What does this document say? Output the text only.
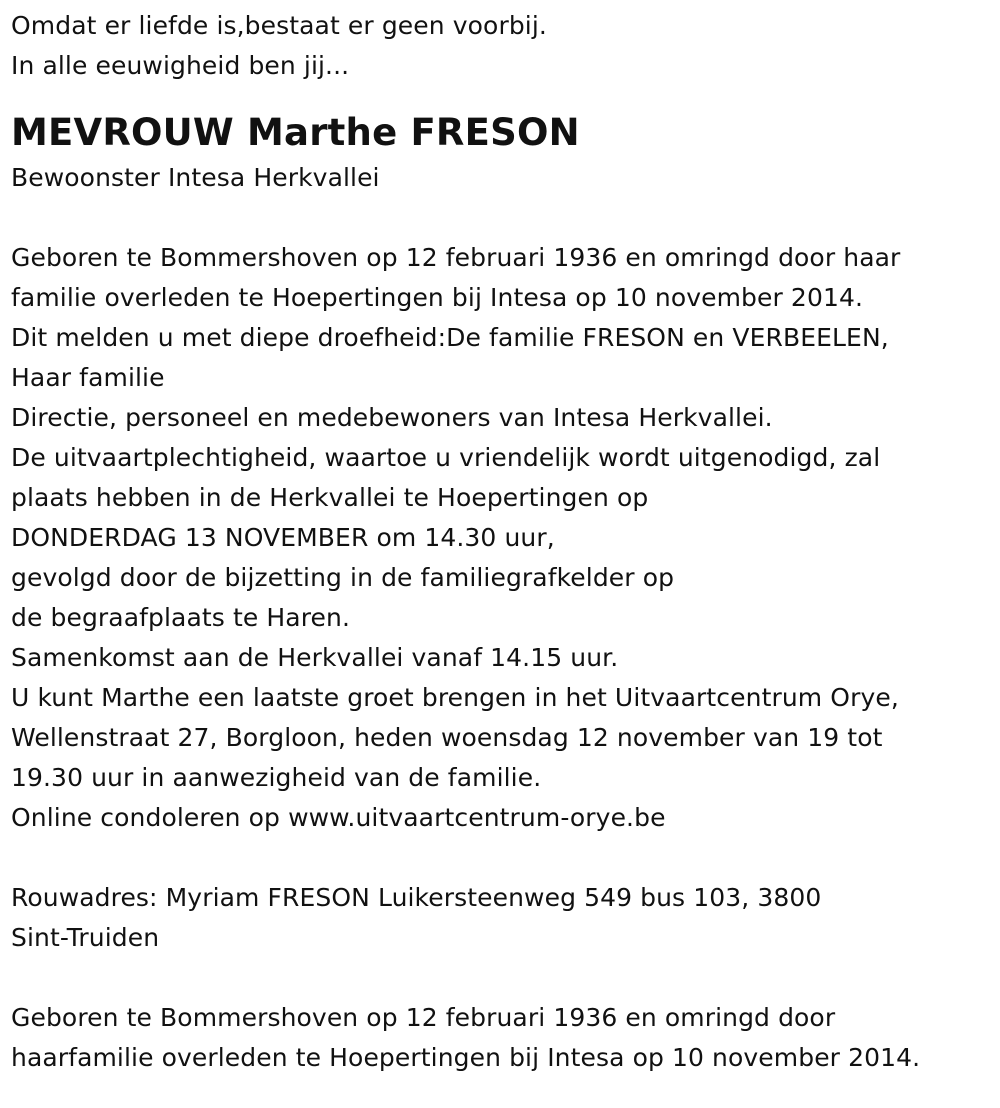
Omdat er liefde is,bestaat er geen voorbij.
In alle eeuwigheid ben jij...
MEVROUW Marthe FRESON
Bewoonster Intesa Herkvallei
Geboren te Bommershoven op 12 februari 1936 en omringd door haar
familie overleden te Hoepertingen bij Intesa op 10 november 2014.
Dit melden u met diepe droefheid:De familie FRESON en VERBEELEN,
Haar familie
Directie, personeel en medebewoners van Intesa Herkvallei.
De uitvaartplechtigheid, waartoe u vriendelijk wordt uitgenodigd, zal
plaats hebben in de Herkvallei te Hoepertingen op
DONDERDAG 13 NOVEMBER om 14.30 uur,
gevolgd door de bijzetting in de familiegrafkelder op
de begraafplaats te Haren.
Samenkomst aan de Herkvallei vanaf 14.15 uur.
U kunt Marthe een laatste groet brengen in het Uitvaartcentrum Orye,
Wellenstraat 27, Borgloon, heden woensdag 12 november van 19 tot
19.30 uur in aanwezigheid van de familie.
Online condoleren op www.uitvaartcentrum-orye.be
Rouwadres: Myriam FRESON Luikersteenweg 549 bus 103, 3800
Sint-Truiden
Geboren te Bommershoven op 12 februari 1936 en omringd door
haarfamilie overleden te Hoepertingen bij Intesa op 10 november 2014.
